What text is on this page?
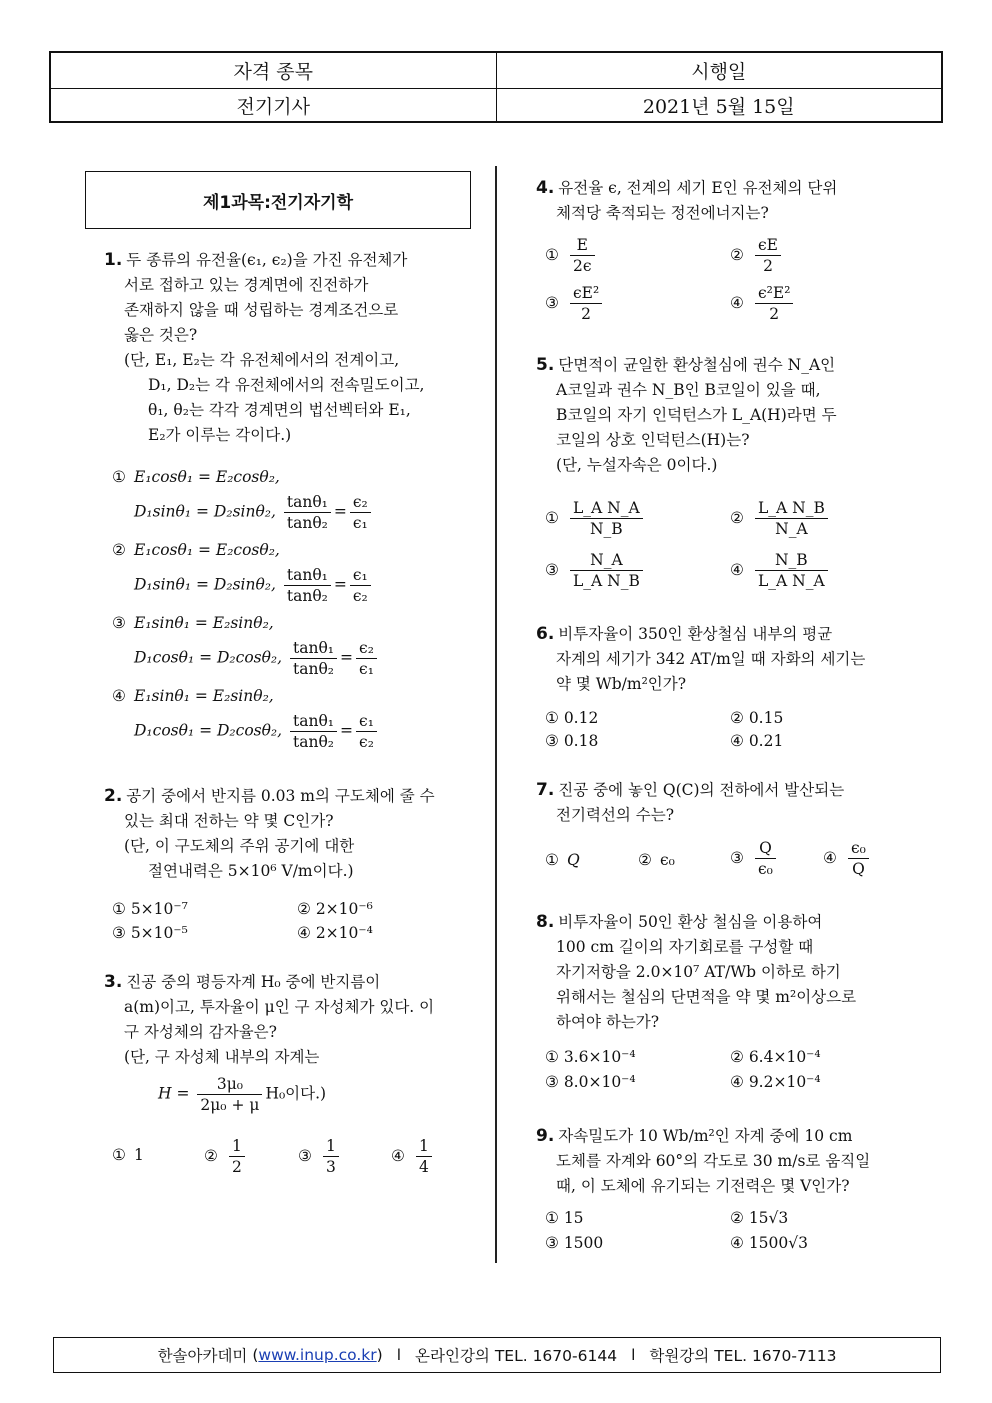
자격 종목	시행일
전기기사	2021년 5월 15일
제1과목:전기자기학
1. 두 종류의 유전율(ϵ₁, ϵ₂)을 가진 유전체가
서로 접하고 있는 경계면에 진전하가
존재하지 않을 때 성립하는 경계조건으로
옳은 것은?
(단, E₁, E₂는 각 유전체에서의 전계이고,
D₁, D₂는 각 유전체에서의 전속밀도이고,
θ₁, θ₂는 각각 경계면의 법선벡터와 E₁,
E₂가 이루는 각이다.)
① E₁cosθ₁ = E₂cosθ₂,
D₁sinθ₁ = D₂sinθ₂, $\frac{\text{tanθ₁}}{\text{tanθ₂}} = \frac{\text{ϵ₂}}{\text{ϵ₁}}$
② E₁cosθ₁ = E₂cosθ₂,
D₁sinθ₁ = D₂sinθ₂, $\frac{\text{tanθ₁}}{\text{tanθ₂}} = \frac{\text{ϵ₁}}{\text{ϵ₂}}$
③ E₁sinθ₁ = E₂sinθ₂,
D₁cosθ₁ = D₂cosθ₂, $\frac{\text{tanθ₁}}{\text{tanθ₂}} = \frac{\text{ϵ₂}}{\text{ϵ₁}}$
④ E₁sinθ₁ = E₂sinθ₂,
D₁cosθ₁ = D₂cosθ₂, $\frac{\text{tanθ₁}}{\text{tanθ₂}} = \frac{\text{ϵ₁}}{\text{ϵ₂}}$
2. 공기 중에서 반지름 0.03 m의 구도체에 줄 수
있는 최대 전하는 약 몇 C인가?
(단, 이 구도체의 주위 공기에 대한
절연내력은 5×10⁶ V/m이다.)
① 5×10⁻⁷	② 2×10⁻⁶
③ 5×10⁻⁵	④ 2×10⁻⁴
3. 진공 중의 평등자계 H₀ 중에 반지름이
a(m)이고, 투자율이 μ인 구 자성체가 있다. 이
구 자성체의 감자율은?
(단, 구 자성체 내부의 자계는
$H = \frac{\text{3μ₀}}{\text{2μ₀ + μ}} H_0$이다.)
① 1	② $\frac{1}{2}$	③ $\frac{1}{3}$	④ $\frac{1}{4}$
4. 유전율 ϵ, 전계의 세기 E인 유전체의 단위
체적당 축적되는 정전에너지는?
① $\frac{E}{2\epsilon}$	② $\frac{\epsilon E}{2}$
③ $\frac{\text{ϵE²}}{2}$	④ $\frac{\text{ϵ²E²}}{2}$
5. 단면적이 균일한 환상철심에 권수 N_A인
A코일과 권수 N_B인 B코일이 있을 때,
B코일의 자기 인덕턴스가 L_A(H)라면 두
코일의 상호 인덕턴스(H)는?
(단, 누설자속은 0이다.)
① $\frac{\text{L\_A N\_A}}{N\_B}$	② $\frac{\text{L\_A N\_B}}{N\_A}$
③ $\frac{N\_A}{\text{L\_A N\_B}}$	④ $\frac{N\_B}{\text{L\_A N\_A}}$
6. 비투자율이 350인 환상철심 내부의 평균
자계의 세기가 342 AT/m일 때 자화의 세기는
약 몇 Wb/m²인가?
① 0.12	② 0.15
③ 0.18	④ 0.21
7. 진공 중에 놓인 Q(C)의 전하에서 발산되는
전기력선의 수는?
① Q	② ϵ₀	③ $\frac{Q}{\text{ϵ₀}}$	④ $\frac{\text{ϵ₀}}{Q}$
8. 비투자율이 50인 환상 철심을 이용하여
100 cm 길이의 자기회로를 구성할 때
자기저항을 2.0×10⁷ AT/Wb 이하로 하기
위해서는 철심의 단면적을 약 몇 m²이상으로
하여야 하는가?
① 3.6×10⁻⁴	② 6.4×10⁻⁴
③ 8.0×10⁻⁴	④ 9.2×10⁻⁴
9. 자속밀도가 10 Wb/m²인 자계 중에 10 cm
도체를 자계와 60°의 각도로 30 m/s로 움직일
때, 이 도체에 유기되는 기전력은 몇 V인가?
① 15	② 15√3
③ 1500	④ 1500√3
한솔아카데미 ( www.inup.co.kr ) l 온라인강의 TEL. 1670-6144 l 학원강의 TEL. 1670-7113
